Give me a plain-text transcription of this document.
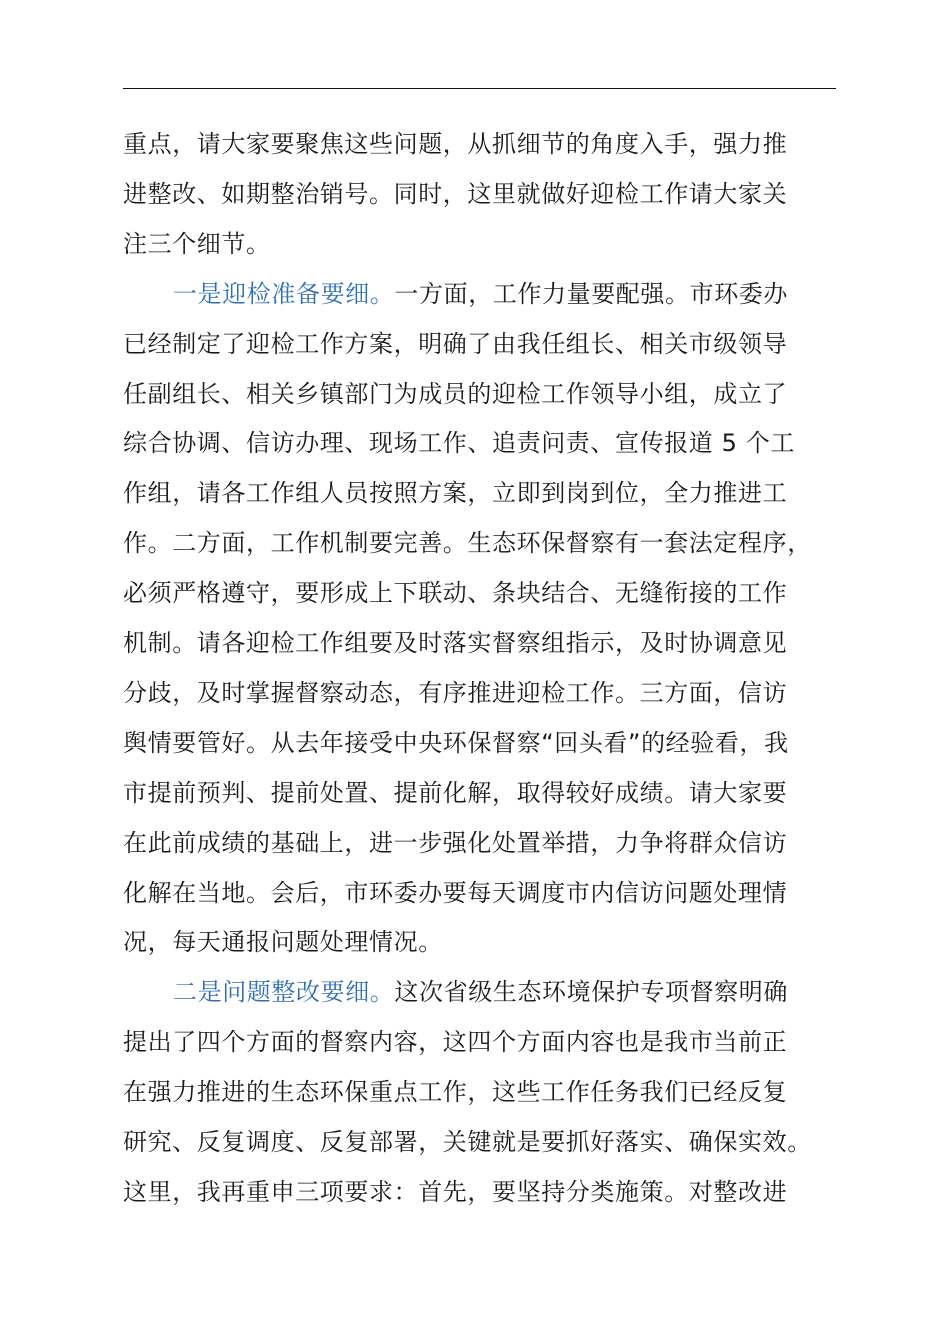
重点，请大家要聚焦这些问题，从抓细节的角度入手，强力推
进整改、如期整治销号。同时，这里就做好迎检工作请大家关
注三个细节。
一是迎检准备要细。一方面，工作力量要配强。市环委办
已经制定了迎检工作方案，明确了由我任组长、相关市级领导
任副组长、相关乡镇部门为成员的迎检工作领导小组，成立了
综合协调、信访办理、现场工作、追责问责、宣传报道 5 个工
作组，请各工作组人员按照方案，立即到岗到位，全力推进工
作。二方面，工作机制要完善。生态环保督察有一套法定程序，
必须严格遵守，要形成上下联动、条块结合、无缝衔接的工作
机制。请各迎检工作组要及时落实督察组指示，及时协调意见
分歧，及时掌握督察动态，有序推进迎检工作。三方面，信访
舆情要管好。从去年接受中央环保督察“回头看”的经验看，我
市提前预判、提前处置、提前化解，取得较好成绩。请大家要
在此前成绩的基础上，进一步强化处置举措，力争将群众信访
化解在当地。会后，市环委办要每天调度市内信访问题处理情
况，每天通报问题处理情况。
二是问题整改要细。这次省级生态环境保护专项督察明确
提出了四个方面的督察内容，这四个方面内容也是我市当前正
在强力推进的生态环保重点工作，这些工作任务我们已经反复
研究、反复调度、反复部署，关键就是要抓好落实、确保实效。
这里，我再重申三项要求：首先，要坚持分类施策。对整改进
